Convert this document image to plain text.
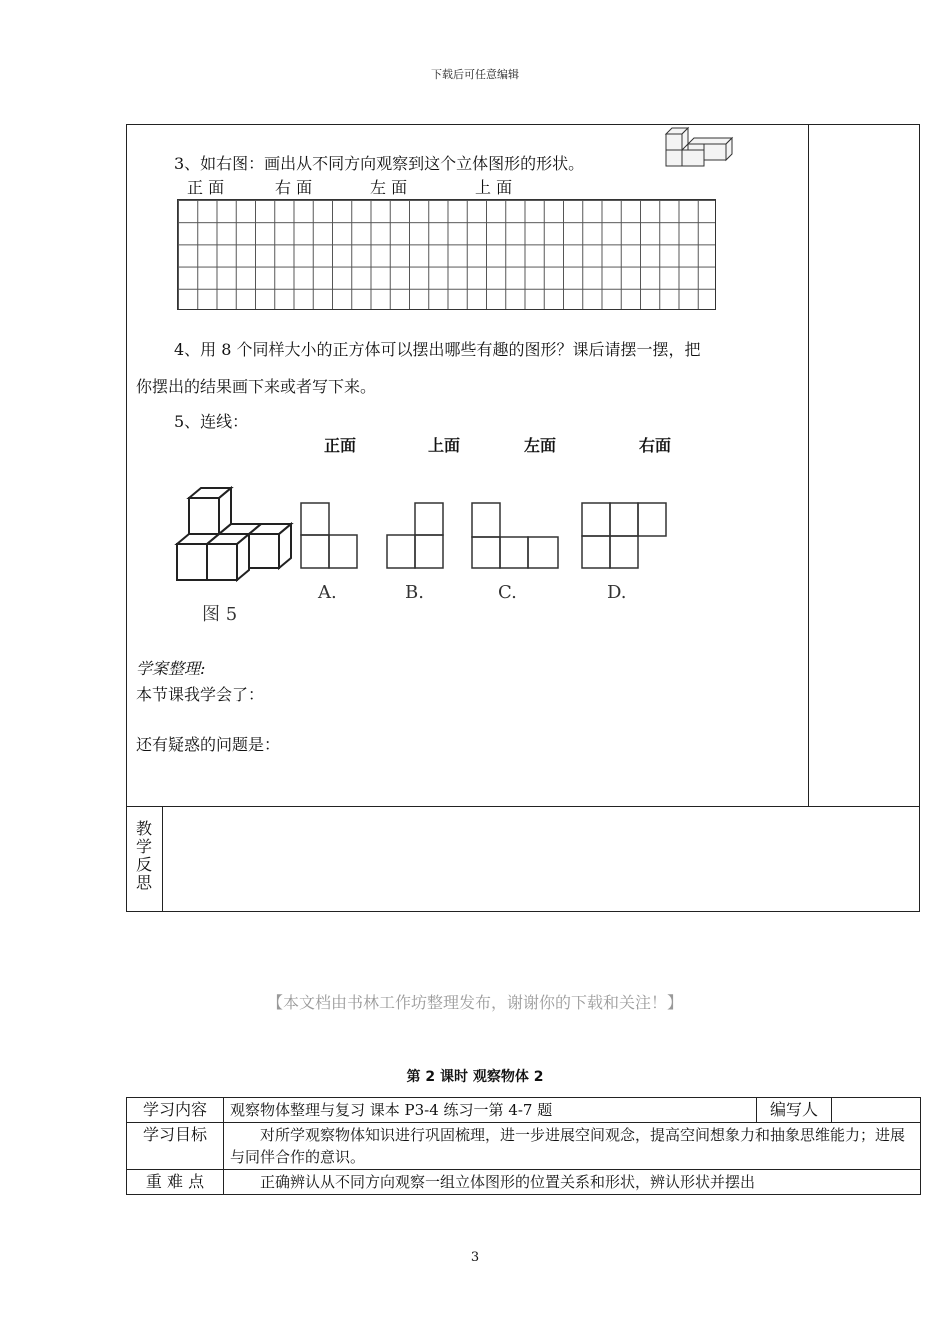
下载后可任意编辑
3、如右图：画出从不同方向观察到这个立体图形的形状。
正 面	右 面	左 面	上 面
4、用 8 个同样大小的正方体可以摆出哪些有趣的图形？课后请摆一摆，把
你摆出的结果画下来或者写下来。
5、连线：
正面	上面	左面	右面
图 5
A.	B.	C.	D.
学案整理:
本节课我学会了：
还有疑惑的问题是：
教学反思
【本文档由书林工作坊整理发布，谢谢你的下载和关注！】
第 2 课时 观察物体 2
学习内容	观察物体整理与复习 课本 P3-4 练习一第 4-7 题	编写人	
学习目标	对所学观察物体知识进行巩固梳理，进一步进展空间观念，提高空间想象力和抽象思维能力；进展与同伴合作的意识。		
重 难 点	正确辨认从不同方向观察一组立体图形的位置关系和形状，辨认形状并摆出		
3
